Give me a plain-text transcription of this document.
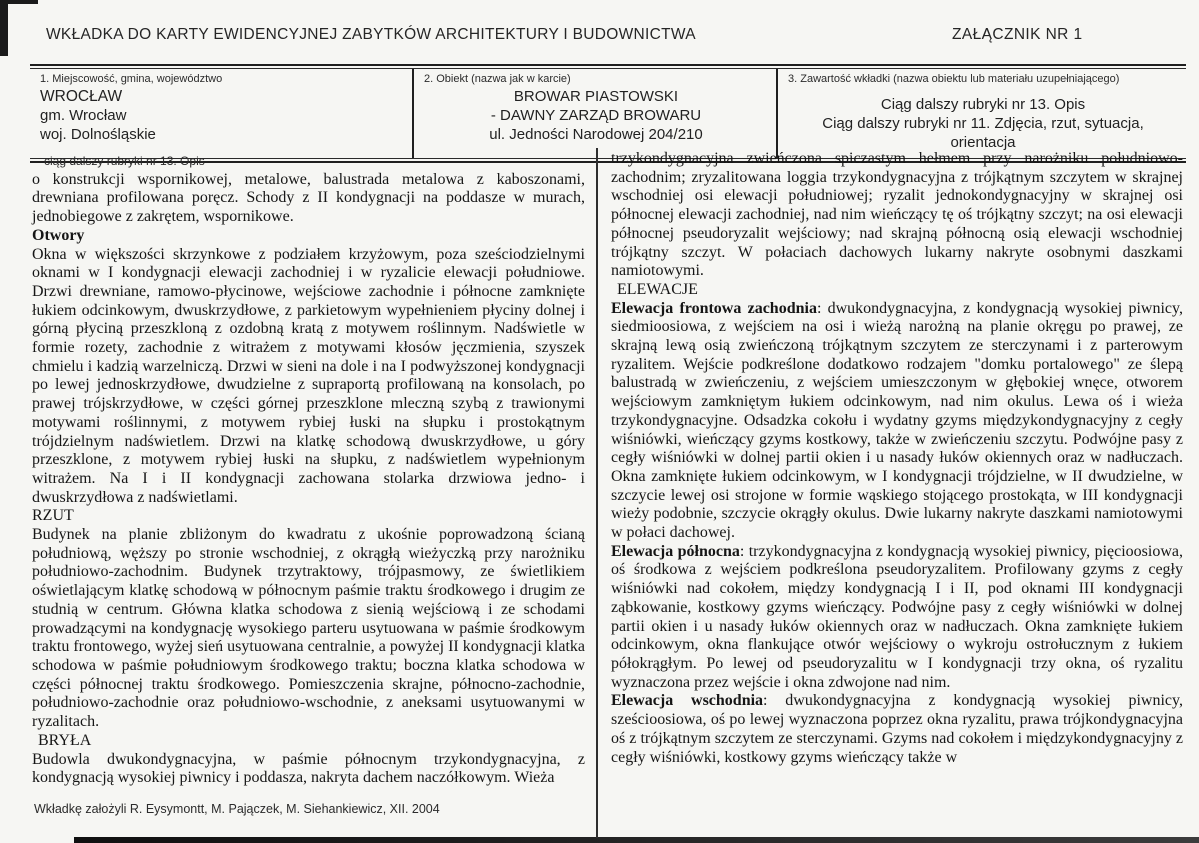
WKŁADKA DO KARTY EWIDENCYJNEJ ZABYTKÓW ARCHITEKTURY I BUDOWNICTWA	ZAŁĄCZNIK NR 1
1. Miejscowość, gmina, województwo
WROCŁAW
gm. Wrocław
woj. Dolnośląskie
2. Obiekt (nazwa jak w karcie)
BROWAR PIASTOWSKI
- DAWNY ZARZĄD BROWARU
ul. Jedności Narodowej 204/210
3. Zawartość wkładki (nazwa obiektu lub materiału uzupełniającego)
Ciąg dalszy rubryki nr 13. Opis
Ciąg dalszy rubryki nr 11. Zdjęcia, rzut, sytuacja, orientacja

ciąg dalszy rubryki nr 13. Opis

o konstrukcji wspornikowej, metalowe, balustrada metalowa z kaboszonami, drewniana profilowana poręcz. Schody z II kondygnacji na poddasze w murach, jednobiegowe z zakrętem, wspornikowe.

Otwory

Okna w większości skrzynkowe z podziałem krzyżowym, poza sześciodzielnymi oknami w I kondygnacji elewacji zachodniej i w ryzalicie elewacji południowe. Drzwi drewniane, ramowo-płycinowe, wejściowe zachodnie i północne zamknięte łukiem odcinkowym, dwuskrzydłowe, z parkietowym wypełnieniem płyciny dolnej i górną płyciną przeszkloną z ozdobną kratą z motywem roślinnym. Nadświetle w formie rozety, zachodnie z witrażem z motywami kłosów jęczmienia, szyszek chmielu i kadzią warzelniczą. Drzwi w sieni na dole i na I podwyższonej kondygnacji po lewej jednoskrzydłowe, dwudzielne z supraportą profilowaną na konsolach, po prawej trójskrzydłowe, w części górnej przeszklone mleczną szybą z trawionymi motywami roślinnymi, z motywem rybiej łuski na słupku i prostokątnym trójdzielnym nadświetlem. Drzwi na klatkę schodową dwuskrzydłowe, u góry przeszklone, z motywem rybiej łuski na słupku, z nadświetlem wypełnionym witrażem. Na I i II kondygnacji zachowana stolarka drzwiowa jedno- i dwuskrzydłowa z nadświetlami.

RZUT

Budynek na planie zbliżonym do kwadratu z ukośnie poprowadzoną ścianą południową, węższy po stronie wschodniej, z okrągłą wieżyczką przy narożniku południowo-zachodnim. Budynek trzytraktowy, trójpasmowy, ze świetlikiem oświetlającym klatkę schodową w północnym paśmie traktu środkowego i drugim ze studnią w centrum. Główna klatka schodowa z sienią wejściową i ze schodami prowadzącymi na kondygnację wysokiego parteru usytuowana w paśmie środkowym traktu frontowego, wyżej sień usytuowana centralnie, a powyżej II kondygnacji klatka schodowa w paśmie południowym środkowego traktu; boczna klatka schodowa w części północnej traktu środkowego. Pomieszczenia skrajne, północno-zachodnie, południowo-zachodnie oraz południowo-wschodnie, z aneksami usytuowanymi w ryzalitach.

BRYŁA

Budowla dwukondygnacyjna, w paśmie północnym trzykondygnacyjna, z kondygnacją wysokiej piwnicy i poddasza, nakryta dachem naczółkowym. Wieża

trzykondygnacyjna zwieńczona spiczastym hełmem przy narożniku południowo-zachodnim; zryzalitowana loggia trzykondygnacyjna z trójkątnym szczytem w skrajnej wschodniej osi elewacji południowej; ryzalit jednokondygnacyjny w skrajnej osi północnej elewacji zachodniej, nad nim wieńczący tę oś trójkątny szczyt; na osi elewacji północnej pseudoryzalit wejściowy; nad skrajną północną osią elewacji wschodniej trójkątny szczyt. W połaciach dachowych lukarny nakryte osobnymi daszkami namiotowymi.

ELEWACJE

Elewacja frontowa zachodnia: dwukondygnacyjna, z kondygnacją wysokiej piwnicy, siedmioosiowa, z wejściem na osi i wieżą narożną na planie okręgu po prawej, ze skrajną lewą osią zwieńczoną trójkątnym szczytem ze sterczynami i z parterowym ryzalitem. Wejście podkreślone dodatkowo rodzajem "domku portalowego" ze ślepą balustradą w zwieńczeniu, z wejściem umieszczonym w głębokiej wnęce, otworem wejściowym zamkniętym łukiem odcinkowym, nad nim okulus. Lewa oś i wieża trzykondygnacyjne. Odsadzka cokołu i wydatny gzyms międzykondygnacyjny z cegły wiśniówki, wieńczący gzyms kostkowy, także w zwieńczeniu szczytu. Podwójne pasy z cegły wiśniówki w dolnej partii okien i u nasady łuków okiennych oraz w nadłuczach. Okna zamknięte łukiem odcinkowym, w I kondygnacji trójdzielne, w II dwudzielne, w szczycie lewej osi strojone w formie wąskiego stojącego prostokąta, w III kondygnacji wieży podobnie, szczycie okrągły okulus. Dwie lukarny nakryte daszkami namiotowymi w połaci dachowej.

Elewacja północna: trzykondygnacyjna z kondygnacją wysokiej piwnicy, pięcioosiowa, oś środkowa z wejściem podkreślona pseudoryzalitem. Profilowany gzyms z cegły wiśniówki nad cokołem, między kondygnacją I i II, pod oknami III kondygnacji ząbkowanie, kostkowy gzyms wieńczący. Podwójne pasy z cegły wiśniówki w dolnej partii okien i u nasady łuków okiennych oraz w nadłuczach. Okna zamknięte łukiem odcinkowym, okna flankujące otwór wejściowy o wykroju ostrołucznym z łukiem półokrągłym. Po lewej od pseudoryzalitu w I kondygnacji trzy okna, oś ryzalitu wyznaczona przez wejście i okna zdwojone nad nim.

Elewacja wschodnia: dwukondygnacyjna z kondygnacją wysokiej piwnicy, sześcioosiowa, oś po lewej wyznaczona poprzez okna ryzalitu, prawa trójkondygnacyjna oś z trójkątnym szczytem ze sterczynami. Gzyms nad cokołem i międzykondygnacyjny z cegły wiśniówki, kostkowy gzyms wieńczący także w

Wkładkę założyli R. Eysymontt, M. Pajączek, M. Siehankiewicz, XII. 2004
